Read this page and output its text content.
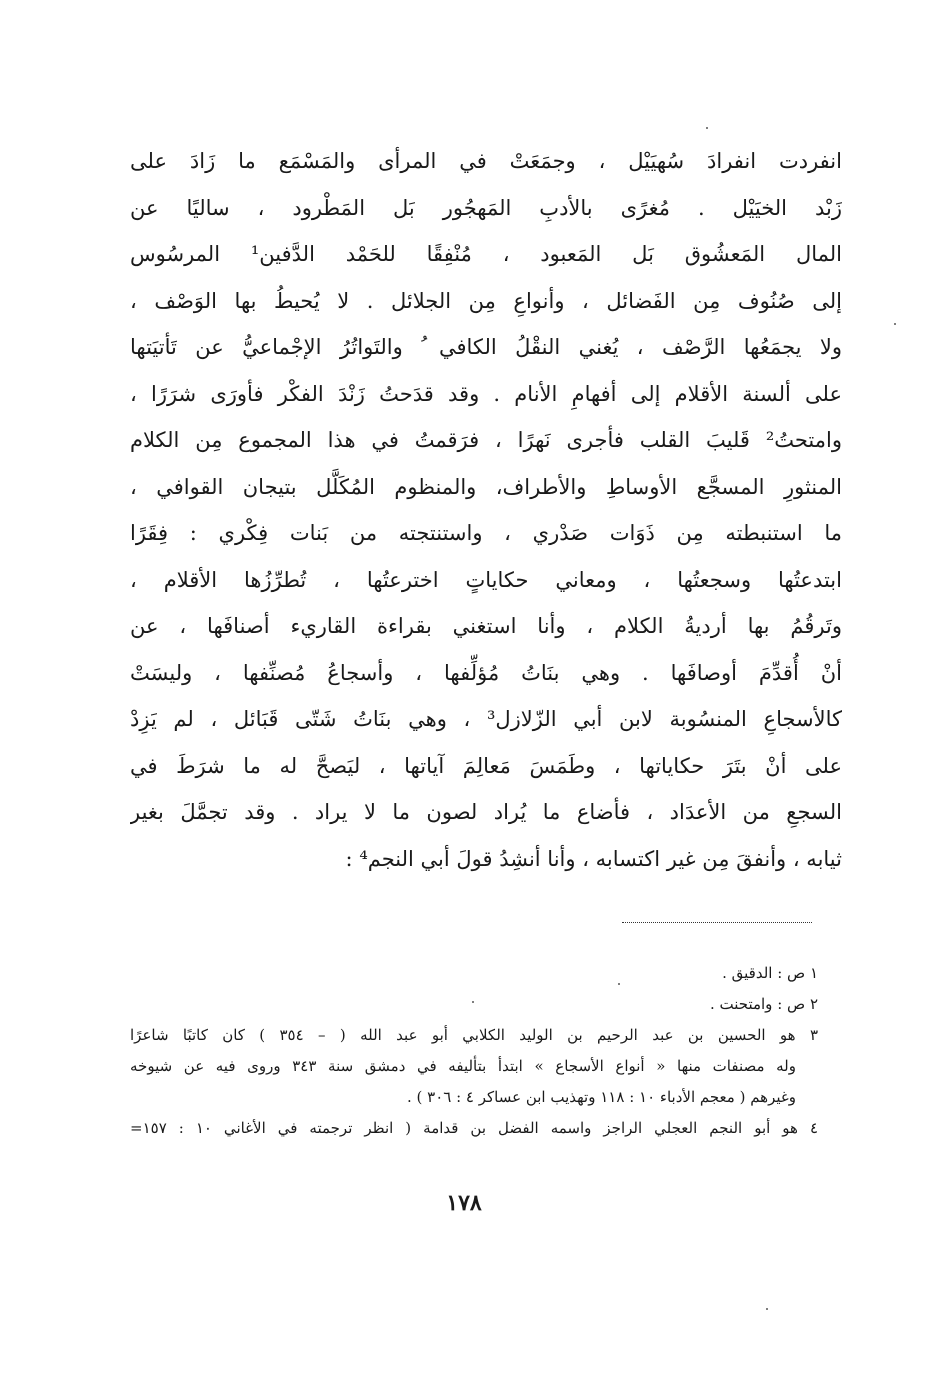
انفردت انفرادَ سُهيَيْل ، وجمَعَتْ في المرأى والمَسْمَع ما زَادَ على
زَبْد الخيَيْل . مُغرًى بالأدبِ المَهجُور بَل المَطْرود ، ساليًا عن
المال المَعشُوق بَل المَعبود ، مُنْفِقًا للحَمْد الدَّفين¹ المرسُوس
إلى صُنُوف مِن الفَضائل ، وأنواعِ مِن الجلائل . لا يُحيطُ بها الوَصْف ،
ولا يجمَعُها الرَّصْف ، يُغني النقْلُ الكافي ُ والتَواتُرُ الإجْماعيُّ عن تَأتيَتها
على ألسنة الأقلام إلى أفهامِ الأنام . وقد قدَحتُ زَنْدَ الفكْر فأورَى شرَرًا ،
وامتحتُ² قَليبَ القلب فأجرى نَهرًا ، فرَقمتُ في هذا المجموع مِن الكلام
المنثورِ المسجَّع الأوساطِ والأطراف، والمنظوم المُكَلَّل بتيجان القوافي ،
ما استنبطته مِن ذَوَات صَدْري ، واستنتجته من بَنات فِكْري : فِقَرًا
ابتدعتُها وسجعتُها ، ومعاني حكاياتٍ اخترعتُها ، تُطرِّزُها الأقلام ،
وتَرقُمُ بها أرديةُ الكلام ، وأنا استغني بقراءة القاريء أصنافَها ، عن
أنْ أُقدِّمَ أوصافَها . وهي بنَاتُ مُؤلِّفها ، وأسجاعُ مُصنِّفها ، وليسَتْ
كالأسجاعِ المنسُوبة لابن أبي الزّلازل³ ، وهي بنَاتُ شَتّى قَبَائل ، لم يَزِدْ
على أنْ بتَرَ حكاياتها ، وطَمَسَ مَعالِمَ آياتها ، ليَصحَّ له ما شرَطَ في
السجعِ من الأعدَاد ، فأضاع ما يُراد لصون ما لا يراد . وقد تجمَّلَ بغير
ثيابه ، وأنفقَ مِن غير اكتسابه ، وأنا أنشِدُ قولَ أبي النجم⁴ :
١ ص : الدقيق .
٢ ص : وامتحنت .
٣ هو الحسين بن عبد الرحيم بن الوليد الكلابي أبو عبد الله ( – ٣٥٤ ) كان كاتبًا شاعرًا
وله مصنفات منها « أنواع الأسجاع » ابتدأ بتأليفه في دمشق سنة ٣٤٣ وروى فيه عن شيوخه
وغيرهم ( معجم الأدباء ١٠ : ١١٨ وتهذيب ابن عساكر ٤ : ٣٠٦ ) .
٤ هو أبو النجم العجلي الراجز واسمه الفضل بن قدامة ( انظر ترجمته في الأغاني ١٠ : ١٥٧=
١٧٨
